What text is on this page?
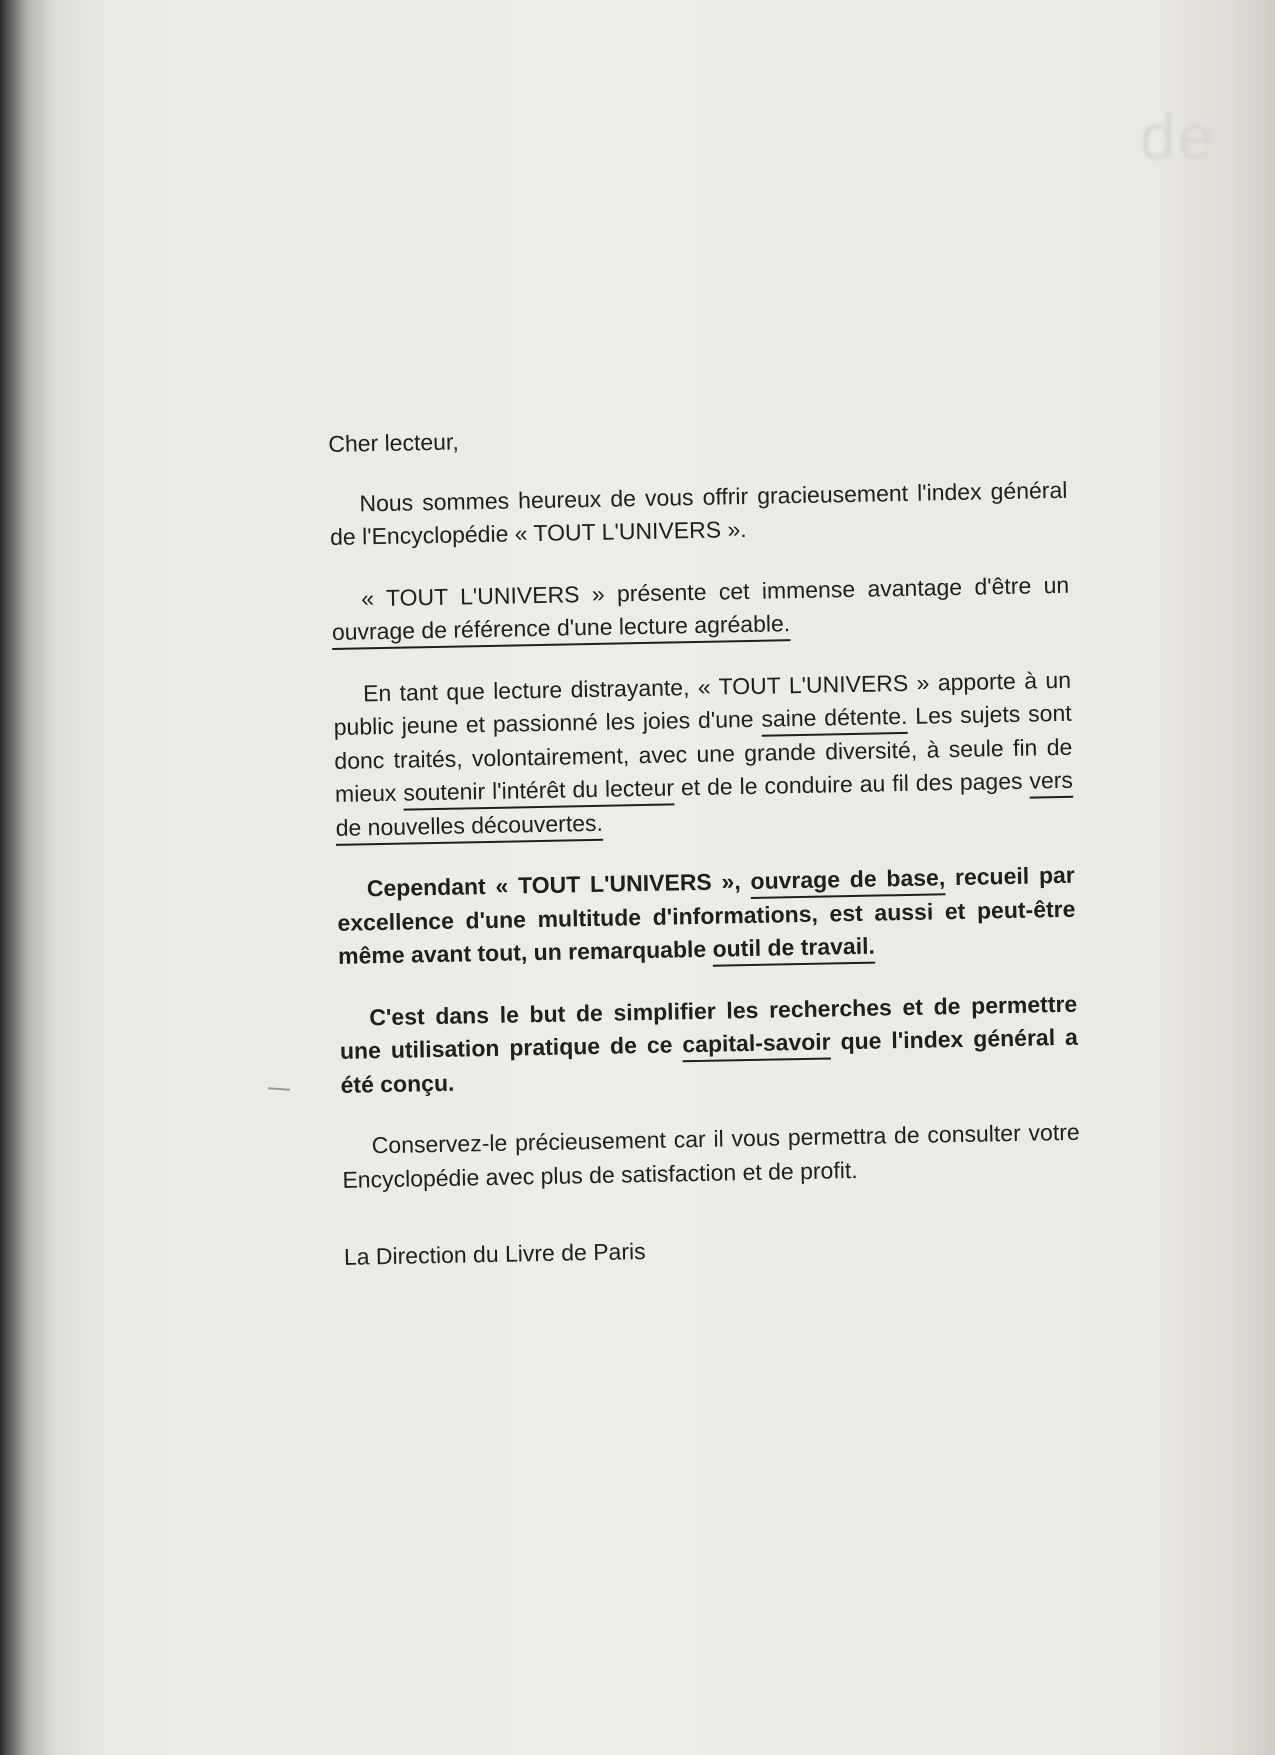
de

Cher lecteur,

Nous sommes heureux de vous offrir gracieusement l'index général de l'Encyclopédie « TOUT L'UNIVERS ».

« TOUT L'UNIVERS » présente cet immense avantage d'être un ouvrage de référence d'une lecture agréable.

En tant que lecture distrayante, « TOUT L'UNIVERS » apporte à un public jeune et passionné les joies d'une saine détente. Les sujets sont donc traités, volontairement, avec une grande diversité, à seule fin de mieux soutenir l'intérêt du lecteur et de le conduire au fil des pages vers de nouvelles découvertes.

Cependant « TOUT L'UNIVERS », ouvrage de base, recueil par excellence d'une multitude d'informations, est aussi et peut-être même avant tout, un remarquable outil de travail.

C'est dans le but de simplifier les recherches et de permettre une utilisation pratique de ce capital-savoir que l'index général a été conçu.

Conservez-le précieusement car il vous permettra de consulter votre Encyclopédie avec plus de satisfaction et de profit.

La Direction du Livre de Paris
